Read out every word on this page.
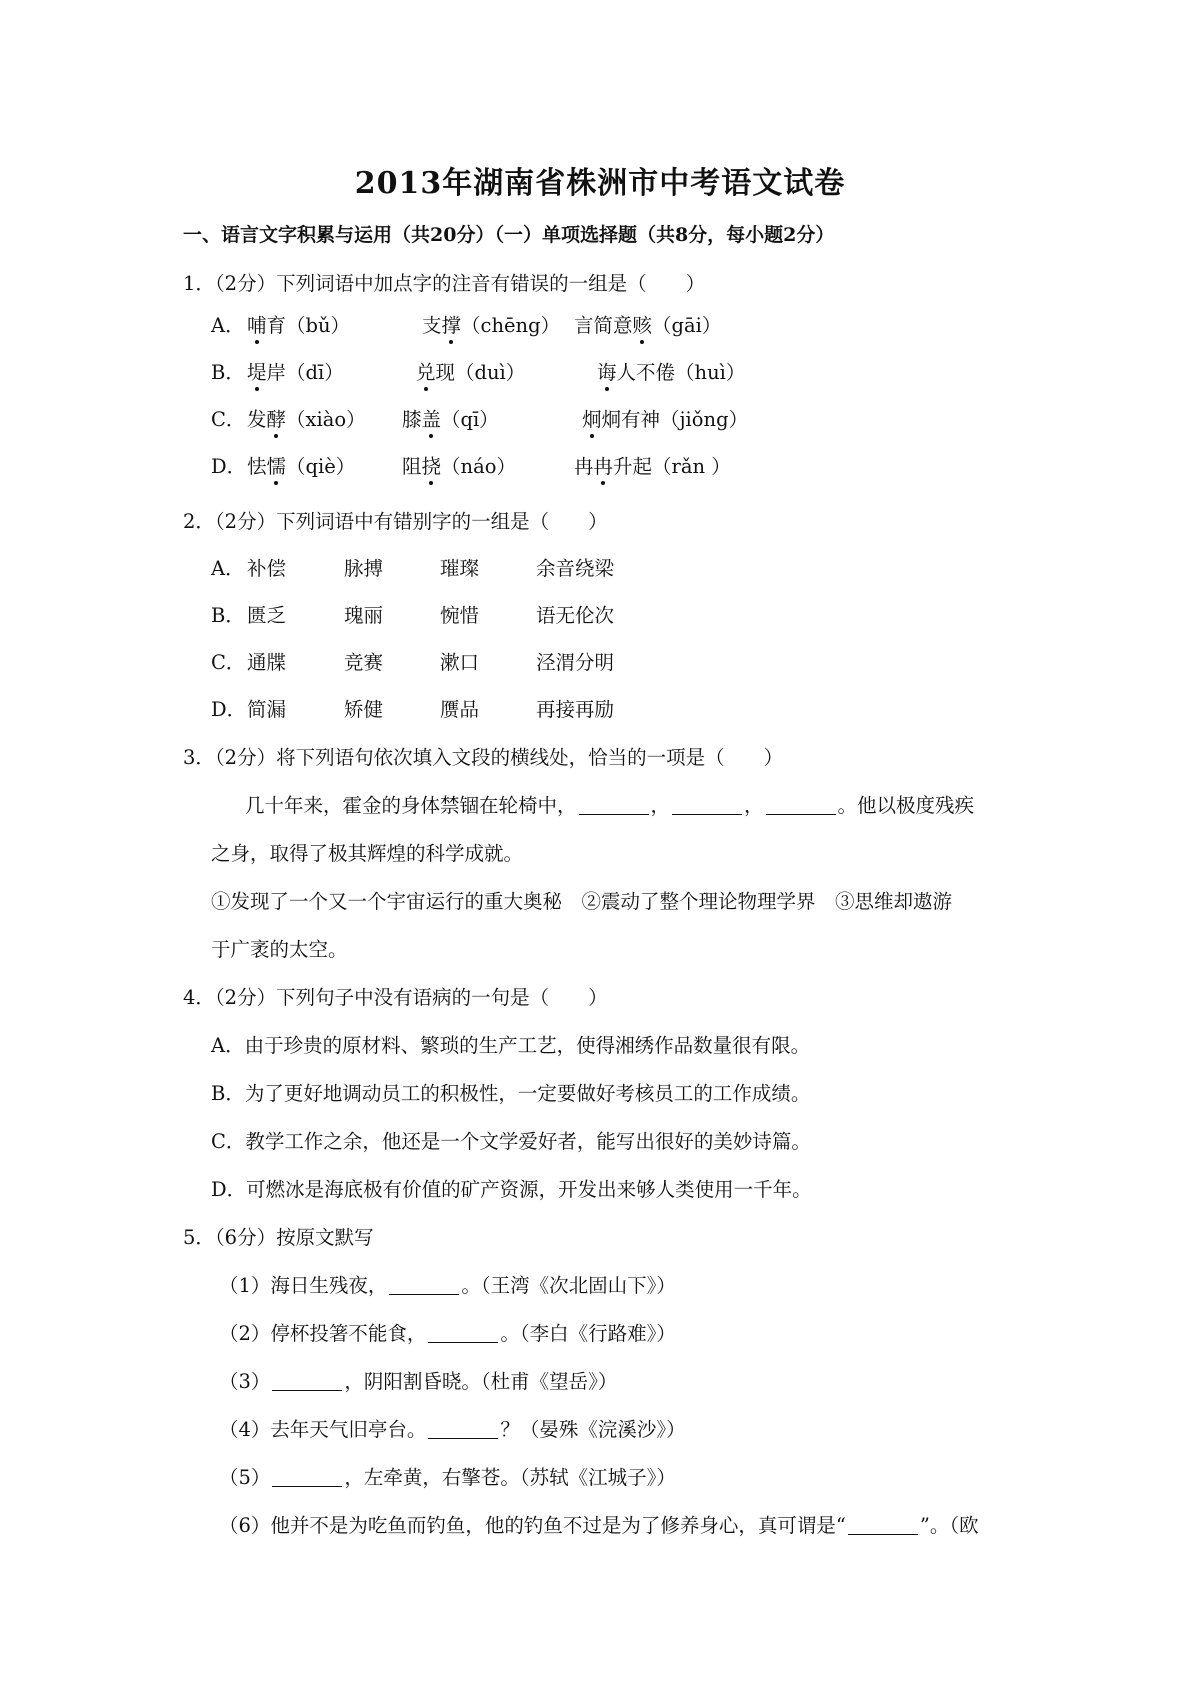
2013年湖南省株洲市中考语文试卷
一、语言文字积累与运用（共20分）（一）单项选择题（共8分，每小题2分）
1．（2分）下列词语中加点字的注音有错误的一组是（　　）
A． 哺育（bǔ）	支撑（chēng） 言简意赅（gāi）
B． 堤岸（dī）	兑现（duì）	诲人不倦（huì）
C． 发酵（xiào） 膝盖（qī）	炯炯有神（jiǒng）
D． 怯懦（qiè） 阻挠（náo）	冉冉升起（rǎn ）
2．（2分）下列词语中有错别字的一组是（　　）
A． 补偿	脉搏	璀璨	余音绕梁
B． 匮乏	瑰丽	惋惜	语无伦次
C． 通牒	竞赛	漱口	泾渭分明
D． 简漏	矫健	赝品	再接再励
3．（2分）将下列语句依次填入文段的横线处，恰当的一项是（　　）
几十年来，霍金的身体禁锢在轮椅中，	，	，	。他以极度残疾
之身，取得了极其辉煌的科学成就。
①发现了一个又一个宇宙运行的重大奥秘　②震动了整个理论物理学界　③思维却遨游
于广袤的太空。
4．（2分）下列句子中没有语病的一句是（　　）
A．由于珍贵的原材料、繁琐的生产工艺，使得湘绣作品数量很有限。
B．为了更好地调动员工的积极性，一定要做好考核员工的工作成绩。
C．教学工作之余，他还是一个文学爱好者，能写出很好的美妙诗篇。
D．可燃冰是海底极有价值的矿产资源，开发出来够人类使用一千年。
5．（6分）按原文默写
（1）海日生残夜，	。（王湾《次北固山下》）
（2）停杯投箸不能食，	。（李白《行路难》）
（3）	，阴阳割昏晓。（杜甫《望岳》）
（4）去年天气旧亭台。	？（晏殊《浣溪沙》）
（5）	，左牵黄，右擎苍。（苏轼《江城子》）
（6）他并不是为吃鱼而钓鱼，他的钓鱼不过是为了修养身心，真可谓是“	”。（欧
